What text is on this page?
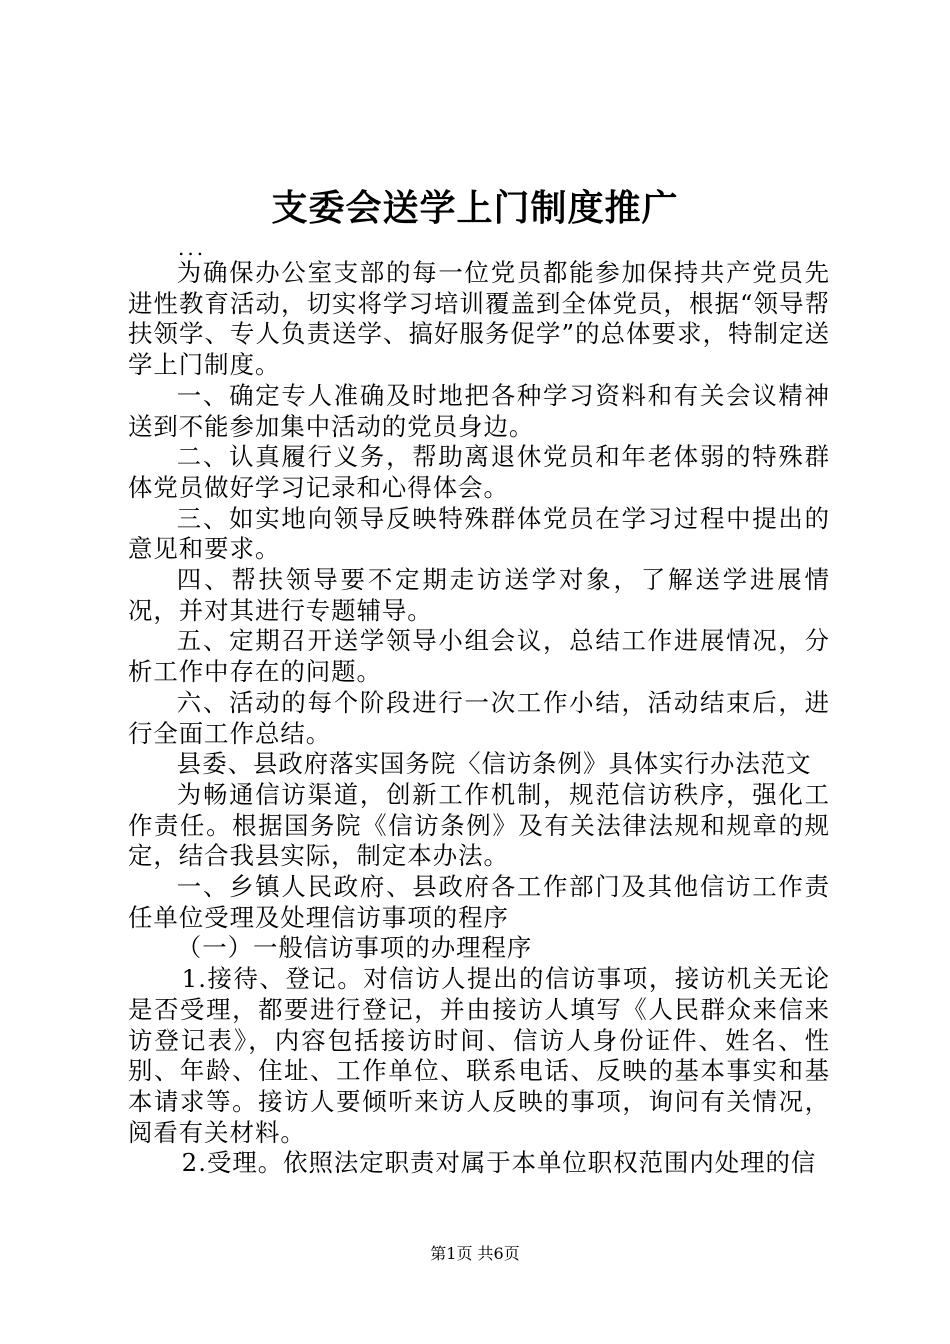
支委会送学上门制度推广
...

为确保办公室支部的每一位党员都能参加保持共产党员先进性教育活动，切实将学习培训覆盖到全体党员，根据“领导帮扶领学、专人负责送学、搞好服务促学”的总体要求，特制定送学上门制度。

一、确定专人准确及时地把各种学习资料和有关会议精神送到不能参加集中活动的党员身边。

二、认真履行义务，帮助离退休党员和年老体弱的特殊群体党员做好学习记录和心得体会。

三、如实地向领导反映特殊群体党员在学习过程中提出的意见和要求。

四、帮扶领导要不定期走访送学对象，了解送学进展情况，并对其进行专题辅导。

五、定期召开送学领导小组会议，总结工作进展情况，分析工作中存在的问题。

六、活动的每个阶段进行一次工作小结，活动结束后，进行全面工作总结。

县委、县政府落实国务院〈信访条例》具体实行办法范文

为畅通信访渠道，创新工作机制，规范信访秩序，强化工作责任。根据国务院《信访条例》及有关法律法规和规章的规定，结合我县实际，制定本办法。

一、乡镇人民政府、县政府各工作部门及其他信访工作责任单位受理及处理信访事项的程序

（一）一般信访事项的办理程序

1.接待、登记。对信访人提出的信访事项，接访机关无论是否受理，都要进行登记，并由接访人填写《人民群众来信来访登记表》，内容包括接访时间、信访人身份证件、姓名、性别、年龄、住址、工作单位、联系电话、反映的基本事实和基本请求等。接访人要倾听来访人反映的事项，询问有关情况，阅看有关材料。

2.受理。依照法定职责对属于本单位职权范围内处理的信

第1页 共6页
